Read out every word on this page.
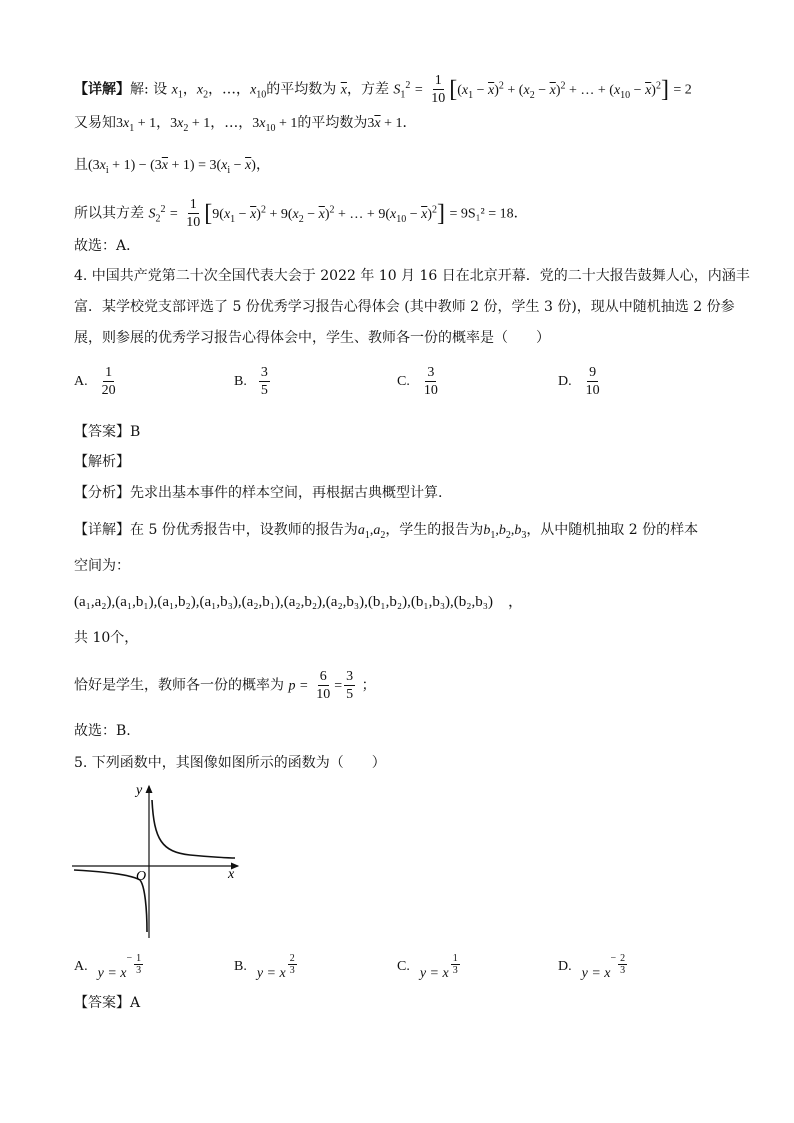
【详解】解: 设 $x_1$，$x_2$，…，$x_{10}$的平均数为 $\overline{x}$，方差 $S_1^2 = \frac{1}{10} [(x_1 - \overline{x})^2 + (x_2 - \overline{x})^2$ + … + $(x_{10} - \overline{x})^2] = 2$
又易知$3x_1 + 1$，$3x_2 + 1$，…，$3x_{10} + 1$的平均数为$3\overline{x} + 1$．
且$(3x_i + 1) - (3\overline{x} + 1) = 3(x_i - \overline{x})$，
所以其方差 $S_2^2 = \frac{1}{10} [9(x_1 - \overline{x})^2 + 9(x_2 - \overline{x})^2$ + … + $9(x_{10} - \overline{x})^2] = 9S_1^2 = 18$．
故选：A．
4. 中国共产党第二十次全国代表大会于 2022 年 10 月 16 日在北京开幕．党的二十大报告鼓舞人心，内涵丰
富．某学校党支部评选了 5 份优秀学习报告心得体会 (其中教师 2 份，学生 3 份)，现从中随机抽选 2 份参
展，则参展的优秀学习报告心得体会中，学生、教师各一份的概率是（　　）
A. $\frac{1}{20}$	B. $\frac{3}{5}$	C. $\frac{3}{10}$	D. $\frac{9}{10}$
【答案】B
【解析】
【分析】先求出基本事件的样本空间，再根据古典概型计算.
【详解】在 5 份优秀报告中，设教师的报告为$a_1,a_2$，学生的报告为$b_1,b_2,b_3$，从中随机抽取 2 份的样本
空间为：
(a₁,a₂),(a₁,b₁),(a₁,b₂),(a₁,b₃),(a₂,b₁),(a₂,b₂),(a₂,b₃),(b₁,b₂),(b₁,b₃),(b₂,b₃)　，
共 10个，
恰好是学生，教师各一份的概率为 $p = \frac{6}{10} = \frac{3}{5}$ ；
故选：B.
5. 下列函数中，其图像如图所示的函数为（　　）
y
x
O
A. y = x
− $\frac{1}{3}$	B. y = x $\frac{2}{3}$	C. y = x $\frac{1}{3}$	D. y = x
− $\frac{2}{3}$
【答案】A
